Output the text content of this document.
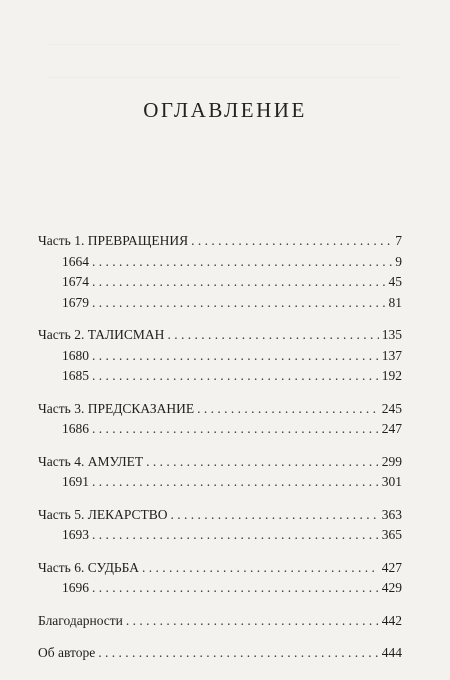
ОГЛАВЛЕНИЕ
Часть 1. ПРЕВРАЩЕНИЯ . . .	7
1664 . . .	9
1674 . . .	45
1679 . . .	81
Часть 2. ТАЛИСМАН . . .	135
1680 . . .	137
1685 . . .	192
Часть 3. ПРЕДСКАЗАНИЕ . . .	245
1686 . . .	247
Часть 4. АМУЛЕТ . . .	299
1691 . . .	301
Часть 5. ЛЕКАРСТВО . . .	363
1693 . . .	365
Часть 6. СУДЬБА . . .	427
1696 . . .	429
Благодарности . . .	442
Об авторе . . .	444
